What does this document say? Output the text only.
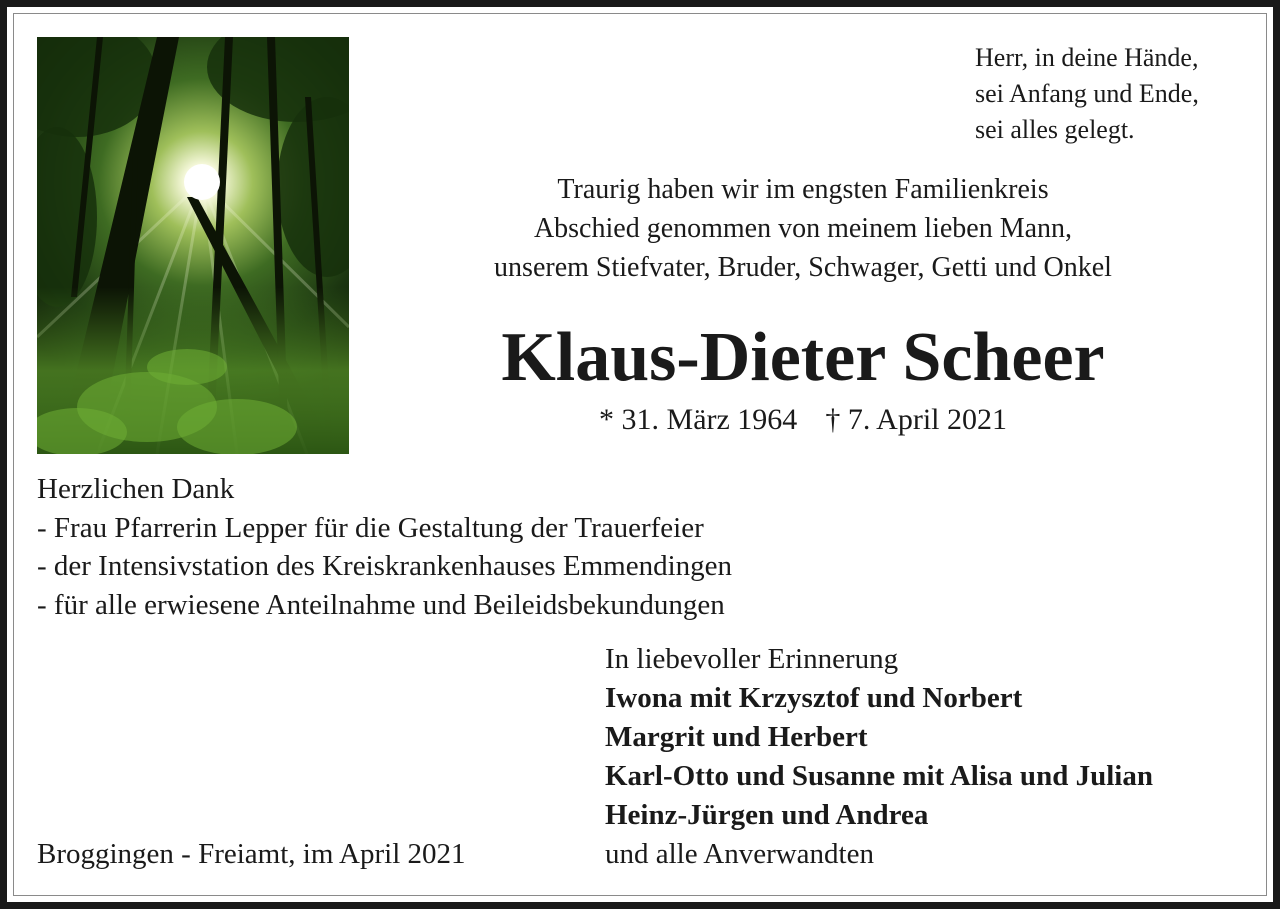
Herr, in deine Hände,
sei Anfang und Ende,
sei alles gelegt.
Traurig haben wir im engsten Familienkreis
Abschied genommen von meinem lieben Mann,
unserem Stiefvater, Bruder, Schwager, Getti und Onkel
Klaus-Dieter Scheer
* 31. März 1964 † 7. April 2021
Herzlichen Dank
- Frau Pfarrerin Lepper für die Gestaltung der Trauerfeier
- der Intensivstation des Kreiskrankenhauses Emmendingen
- für alle erwiesene Anteilnahme und Beileidsbekundungen
In liebevoller Erinnerung
Iwona mit Krzysztof und Norbert
Margrit und Herbert
Karl-Otto und Susanne mit Alisa und Julian
Heinz-Jürgen und Andrea
und alle Anverwandten
Broggingen - Freiamt, im April 2021
